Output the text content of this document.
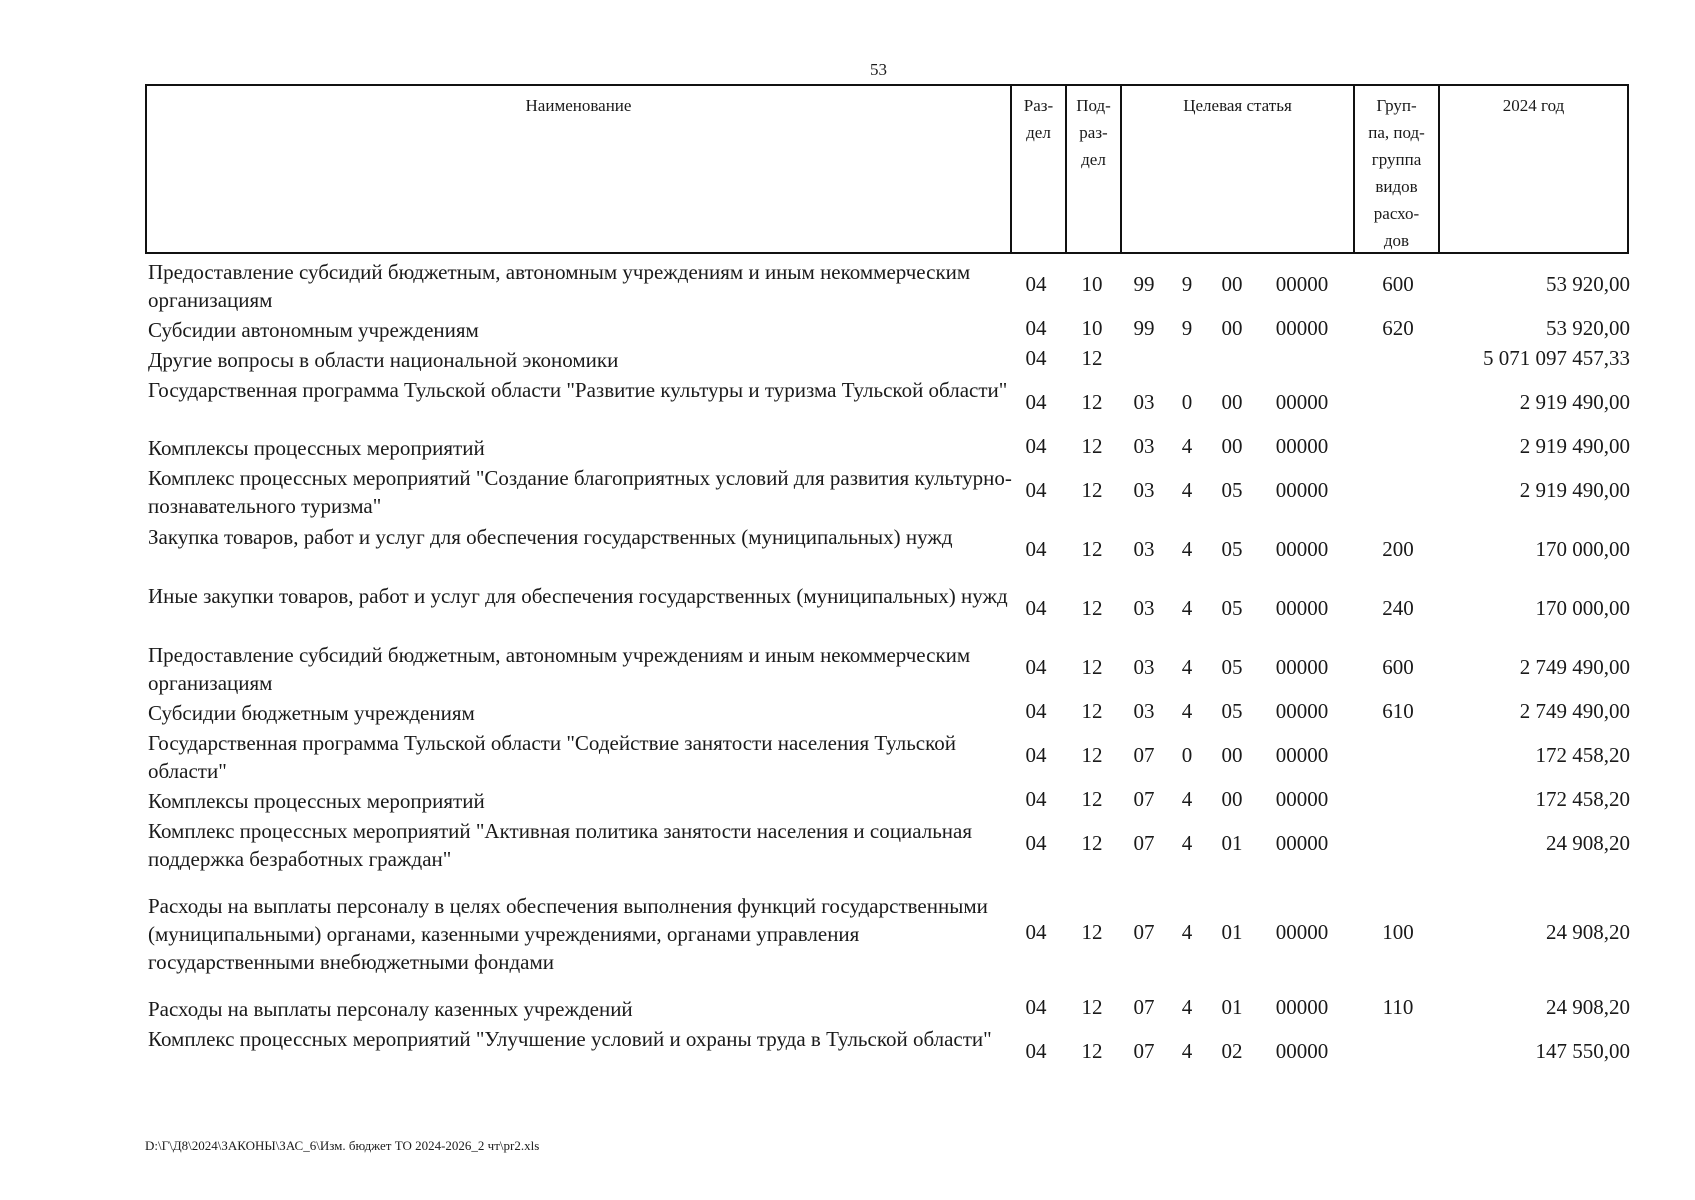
53
Наименование	Раз-
дел
Под-
раз-
дел
Целевая статья	Груп-
па, под-
группа
видов
расхо-
дов
2024 год
Предоставление субсидий бюджетным, автономным учреждениям и иным некоммерческим организациям
04	10	99	9	00	00000	600	53 920,00
Субсидии автономным учреждениям	04	10	99	9	00	00000	620	53 920,00
Другие вопросы в области национальной экономики	04	12	5 071 097 457,33
Государственная программа Тульской области "Развитие культуры и туризма Тульской области" 04	12	03	0	00	00000	2 919 490,00
Комплексы процессных мероприятий	04	12	03	4	00	00000	2 919 490,00
Комплекс процессных мероприятий "Создание благоприятных условий для развития культурно-познавательного туризма"
04	12	03	4	05	00000	2 919 490,00
Закупка товаров, работ и услуг для обеспечения государственных (муниципальных) нужд	04	12	03	4	05	00000	200	170 000,00
Иные закупки товаров, работ и услуг для обеспечения государственных (муниципальных) нужд 04	12	03	4	05	00000	240	170 000,00
Предоставление субсидий бюджетным, автономным учреждениям и иным некоммерческим организациям
04	12	03	4	05	00000	600	2 749 490,00
Субсидии бюджетным учреждениям	04	12	03	4	05	00000	610	2 749 490,00
Государственная программа Тульской области "Содействие занятости населения Тульской области"
04	12	07	0	00	00000	172 458,20
Комплексы процессных мероприятий	04	12	07	4	00	00000	172 458,20
Комплекс процессных мероприятий "Активная политика занятости населения и социальная поддержка безработных граждан"
04	12	07	4	01	00000	24 908,20
Расходы на выплаты персоналу в целях обеспечения выполнения функций государственными (муниципальными) органами, казенными учреждениями, органами управления государственными внебюджетными фондами
04	12	07	4	01	00000	100	24 908,20
Расходы на выплаты персоналу казенных учреждений	04	12	07	4	01	00000	110	24 908,20
Комплекс процессных мероприятий "Улучшение условий и охраны труда в Тульской области"	04	12	07	4	02	00000	147 550,00
D:\Г\Д8\2024\ЗАКОНЫ\ЗАС_6\Изм. бюджет ТО 2024-2026_2 чт\pr2.xls
